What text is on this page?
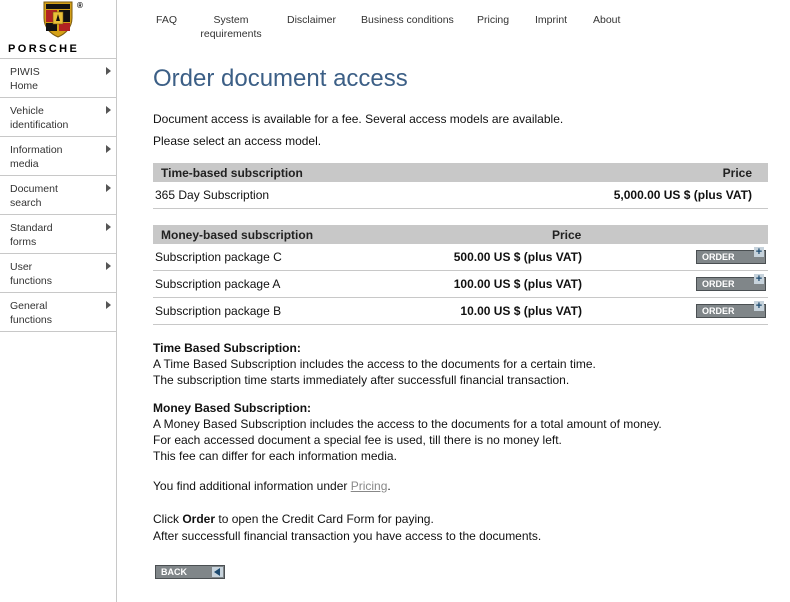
®
PORSCHE
PIWIS
Home
Vehicle
identification
Information
media
Document
search
Standard
forms
User
functions
General
functions
FAQ	System
requirements
Disclaimer Business conditions Pricing Imprint About
Order document access
Document access is available for a fee. Several access models are available.
Please select an access model.
Time-based subscription	Price
365 Day Subscription	5,000.00 US $ (plus VAT)
Money-based subscription	Price
Subscription package C	500.00 US $ (plus VAT)	ORDER +
Subscription package A	100.00 US $ (plus VAT)	ORDER +
Subscription package B	10.00 US $ (plus VAT)	ORDER +
Time Based Subscription:
A Time Based Subscription includes the access to the documents for a certain time.
The subscription time starts immediately after successfull financial transaction.
Money Based Subscription:
A Money Based Subscription includes the access to the documents for a total amount of money.
For each accessed document a special fee is used, till there is no money left.
This fee can differ for each information media.
You find additional information under Pricing.
Click Order to open the Credit Card Form for paying.
After successfull financial transaction you have access to the documents.
BACK
